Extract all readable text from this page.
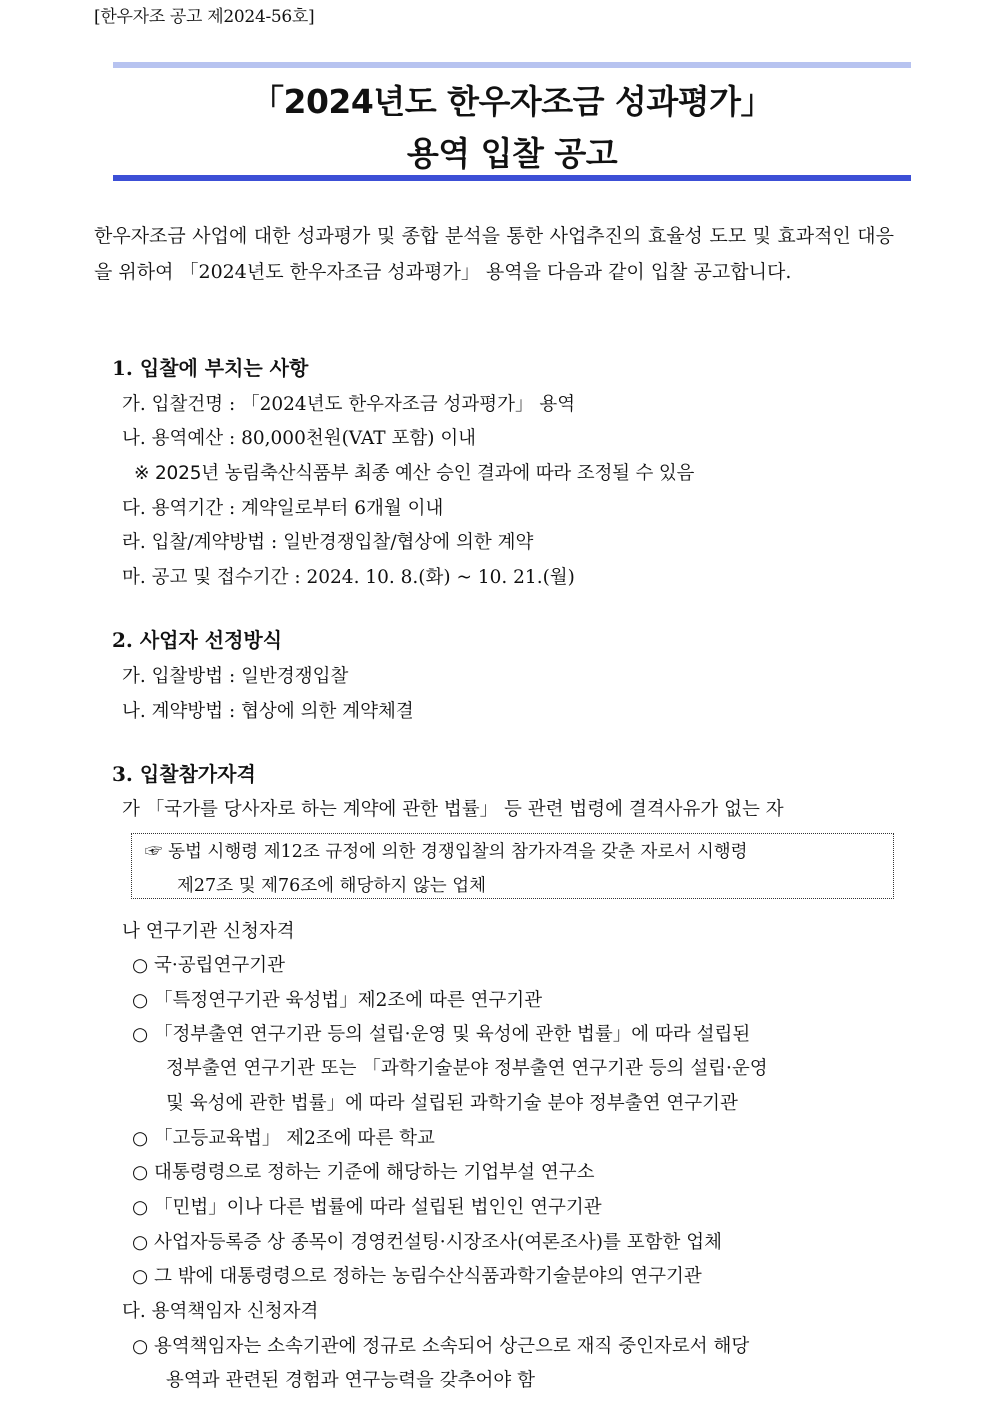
[한우자조 공고 제2024-56호]
「2024년도 한우자조금 성과평가」
용역 입찰 공고
한우자조금 사업에 대한 성과평가 및 종합 분석을 통한 사업추진의 효율성 도모 및 효과적인 대응을 위하여 「2024년도 한우자조금 성과평가」 용역을 다음과 같이 입찰 공고합니다.
1. 입찰에 부치는 사항
가. 입찰건명 : 「2024년도 한우자조금 성과평가」 용역
나. 용역예산 : 80,000천원(VAT 포함) 이내
※ 2025년 농림축산식품부 최종 예산 승인 결과에 따라 조정될 수 있음
다. 용역기간 : 계약일로부터 6개월 이내
라. 입찰/계약방법 : 일반경쟁입찰/협상에 의한 계약
마. 공고 및 접수기간 : 2024. 10. 8.(화) ~ 10. 21.(월)
2. 사업자 선정방식
가. 입찰방법 : 일반경쟁입찰
나. 계약방법 : 협상에 의한 계약체결
3. 입찰참가자격
가 「국가를 당사자로 하는 계약에 관한 법률」 등 관련 법령에 결격사유가 없는 자
☞ 동법 시행령 제12조 규정에 의한 경쟁입찰의 참가자격을 갖춘 자로서 시행령
제27조 및 제76조에 해당하지 않는 업체
나 연구기관 신청자격
○ 국·공립연구기관
○ 「특정연구기관 육성법」제2조에 따른 연구기관
○ 「정부출연 연구기관 등의 설립·운영 및 육성에 관한 법률」에 따라 설립된
정부출연 연구기관 또는 「과학기술분야 정부출연 연구기관 등의 설립·운영
및 육성에 관한 법률」에 따라 설립된 과학기술 분야 정부출연 연구기관
○ 「고등교육법」 제2조에 따른 학교
○ 대통령령으로 정하는 기준에 해당하는 기업부설 연구소
○ 「민법」이나 다른 법률에 따라 설립된 법인인 연구기관
○ 사업자등록증 상 종목이 경영컨설팅·시장조사(여론조사)를 포함한 업체
○ 그 밖에 대통령령으로 정하는 농림수산식품과학기술분야의 연구기관
다. 용역책임자 신청자격
○ 용역책임자는 소속기관에 정규로 소속되어 상근으로 재직 중인자로서 해당
용역과 관련된 경험과 연구능력을 갖추어야 함
